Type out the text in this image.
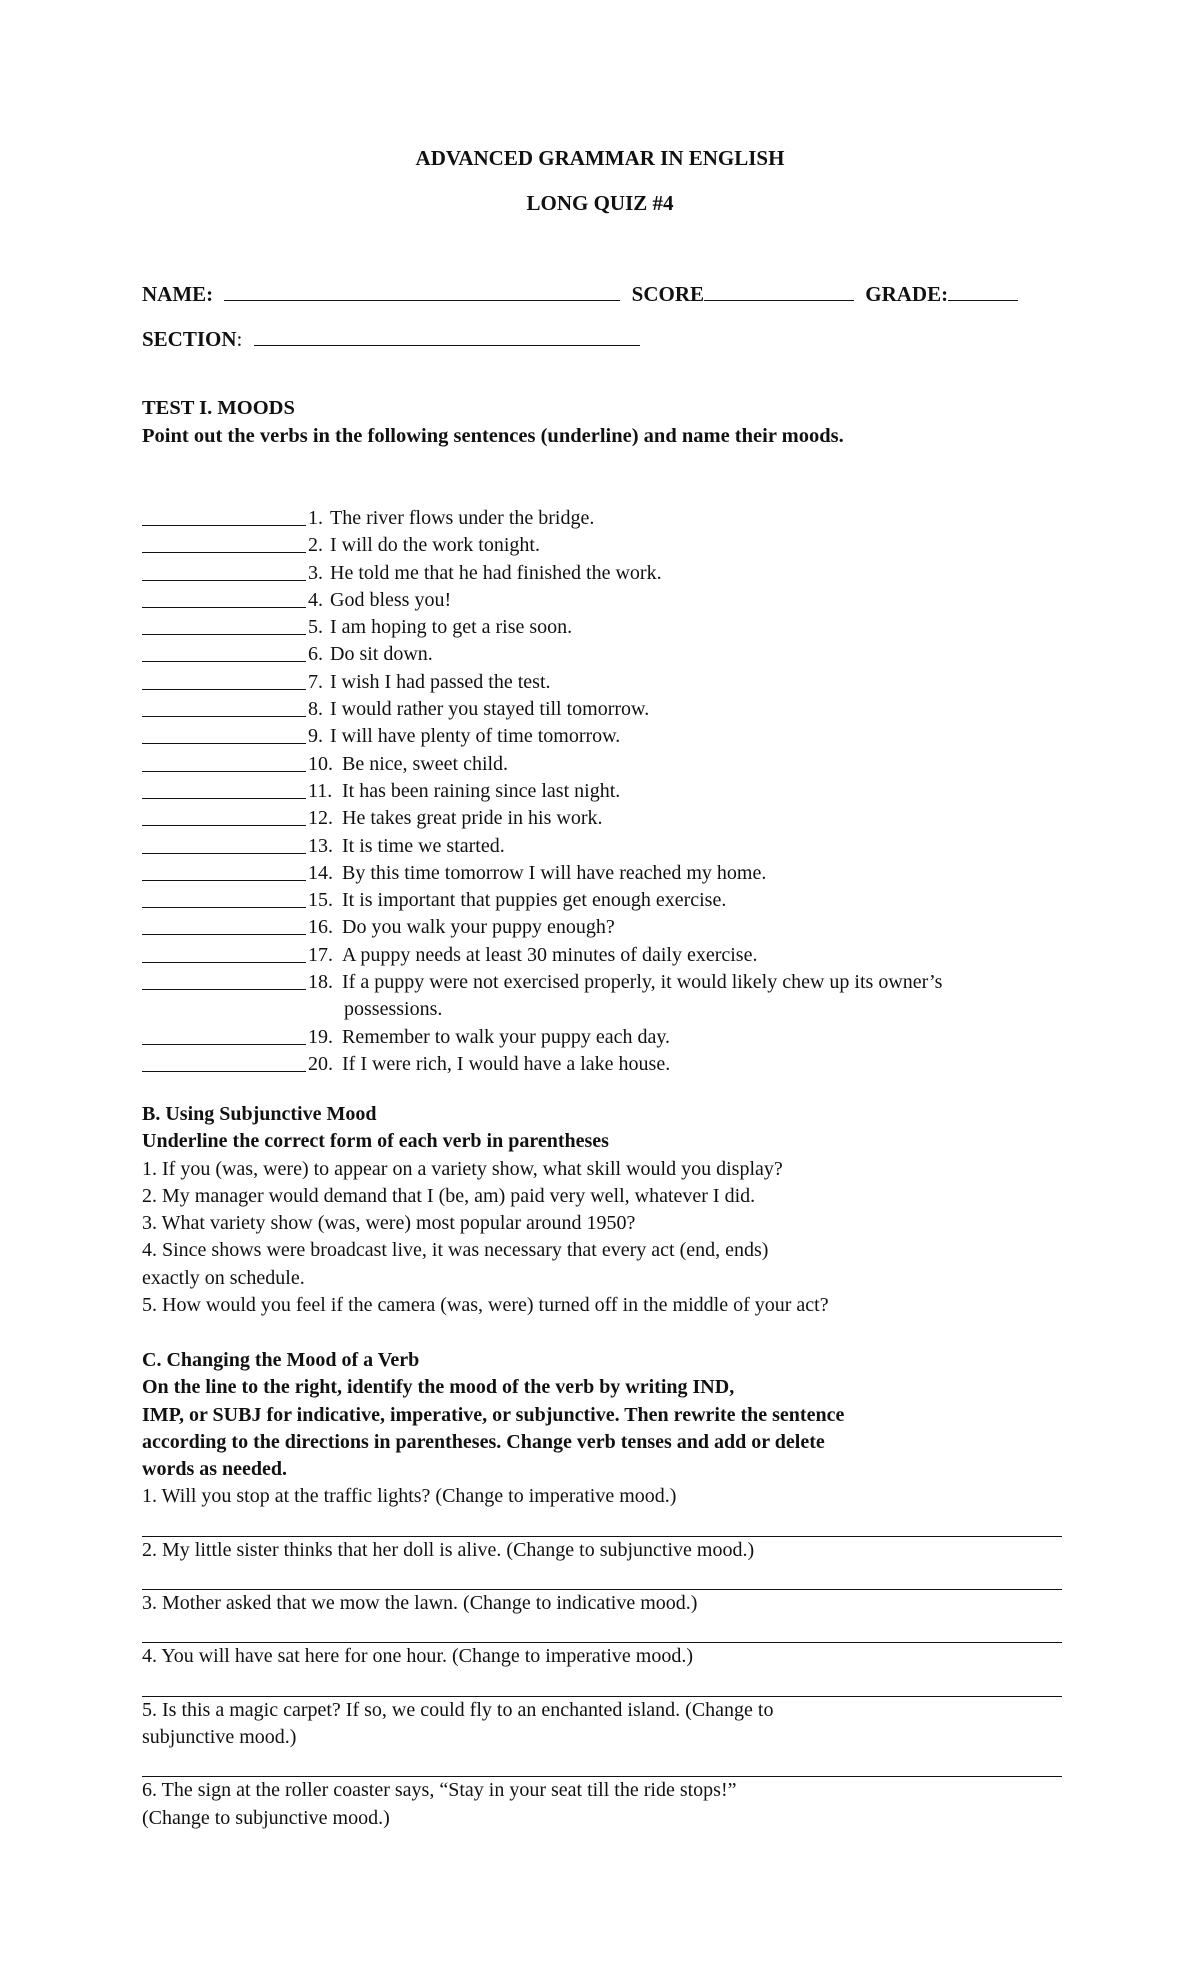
ADVANCED GRAMMAR IN ENGLISH
LONG QUIZ #4
NAME:	SCORE	GRADE:
SECTION:
TEST I. MOODS
Point out the verbs in the following sentences (underline) and name their moods.
1. The river flows under the bridge.
2. I will do the work tonight.
3. He told me that he had finished the work.
4. God bless you!
5. I am hoping to get a rise soon.
6. Do sit down.
7. I wish I had passed the test.
8. I would rather you stayed till tomorrow.
9. I will have plenty of time tomorrow.
10. Be nice, sweet child.
11. It has been raining since last night.
12. He takes great pride in his work.
13. It is time we started.
14. By this time tomorrow I will have reached my home.
15. It is important that puppies get enough exercise.
16. Do you walk your puppy enough?
17. A puppy needs at least 30 minutes of daily exercise.
18. If a puppy were not exercised properly, it would likely chew up its owner’s
possessions.
19. Remember to walk your puppy each day.
20. If I were rich, I would have a lake house.
B. Using Subjunctive Mood
Underline the correct form of each verb in parentheses
1. If you (was, were) to appear on a variety show, what skill would you display?
2. My manager would demand that I (be, am) paid very well, whatever I did.
3. What variety show (was, were) most popular around 1950?
4. Since shows were broadcast live, it was necessary that every act (end, ends)
exactly on schedule.
5. How would you feel if the camera (was, were) turned off in the middle of your act?
C. Changing the Mood of a Verb
On the line to the right, identify the mood of the verb by writing IND,
IMP, or SUBJ for indicative, imperative, or subjunctive. Then rewrite the sentence
according to the directions in parentheses. Change verb tenses and add or delete
words as needed.
1. Will you stop at the traffic lights? (Change to imperative mood.)
2. My little sister thinks that her doll is alive. (Change to subjunctive mood.)
3. Mother asked that we mow the lawn. (Change to indicative mood.)
4. You will have sat here for one hour. (Change to imperative mood.)
5. Is this a magic carpet? If so, we could fly to an enchanted island. (Change to
subjunctive mood.)
6. The sign at the roller coaster says, “Stay in your seat till the ride stops!”
(Change to subjunctive mood.)
